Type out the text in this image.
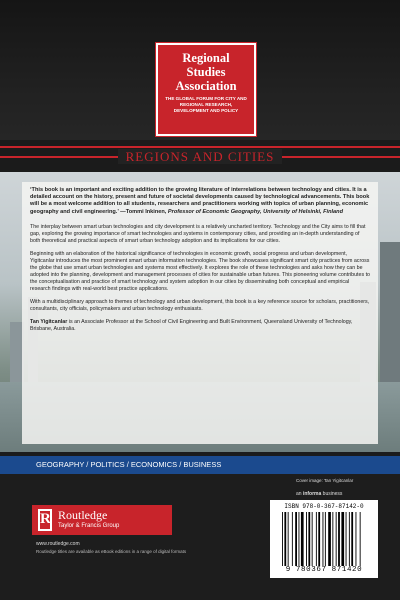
Regional
Studies
Association
THE GLOBAL FORUM FOR CITY AND REGIONAL RESEARCH, DEVELOPMENT AND POLICY
REGIONS AND CITIES

‘This book is an important and exciting addition to the growing literature of interrelations between technology and cities. It is a detailed account on the history, present and future of societal developments caused by technological advancements. This book will be a most welcome addition to all students, researchers and practitioners working with topics of urban planning, economic geography and civil engineering.’ —Tommi Inkinen, Professor of Economic Geography, University of Helsinki, Finland

The interplay between smart urban technologies and city development is a relatively uncharted territory. Technology and the City aims to fill that gap, exploring the growing importance of smart technologies and systems in contemporary cities, and providing an in-depth understanding of both theoretical and practical aspects of smart urban technology adoption and its implications for our cities.

Beginning with an elaboration of the historical significance of technologies in economic growth, social progress and urban development, Yigitcanlar introduces the most prominent smart urban information technologies. The book showcases significant smart city practices from across the globe that use smart urban technologies and systems most effectively. It explores the role of these technologies and asks how they can be adopted into the planning, development and management processes of cities for sustainable urban futures. This pioneering volume contributes to the conceptualisation and practice of smart technology and system adoption in our cities by disseminating both conceptual and empirical research findings with real-world best practice applications.

With a multidisciplinary approach to themes of technology and urban development, this book is a key reference source for scholars, practitioners, consultants, city officials, policymakers and urban technology enthusiasts.

Tan Yigitcanlar is an Associate Professor at the School of Civil Engineering and Built Environment, Queensland University of Technology, Brisbane, Australia.

GEOGRAPHY / POLITICS / ECONOMICS / BUSINESS
Cover image: Tan Yigitcanlar
an informa business
R Routledge
Taylor & Francis Group
www.routledge.com
Routledge titles are available as eBook editions in a range of digital formats
ISBN 978-0-367-87142-0
9 780367 871420
